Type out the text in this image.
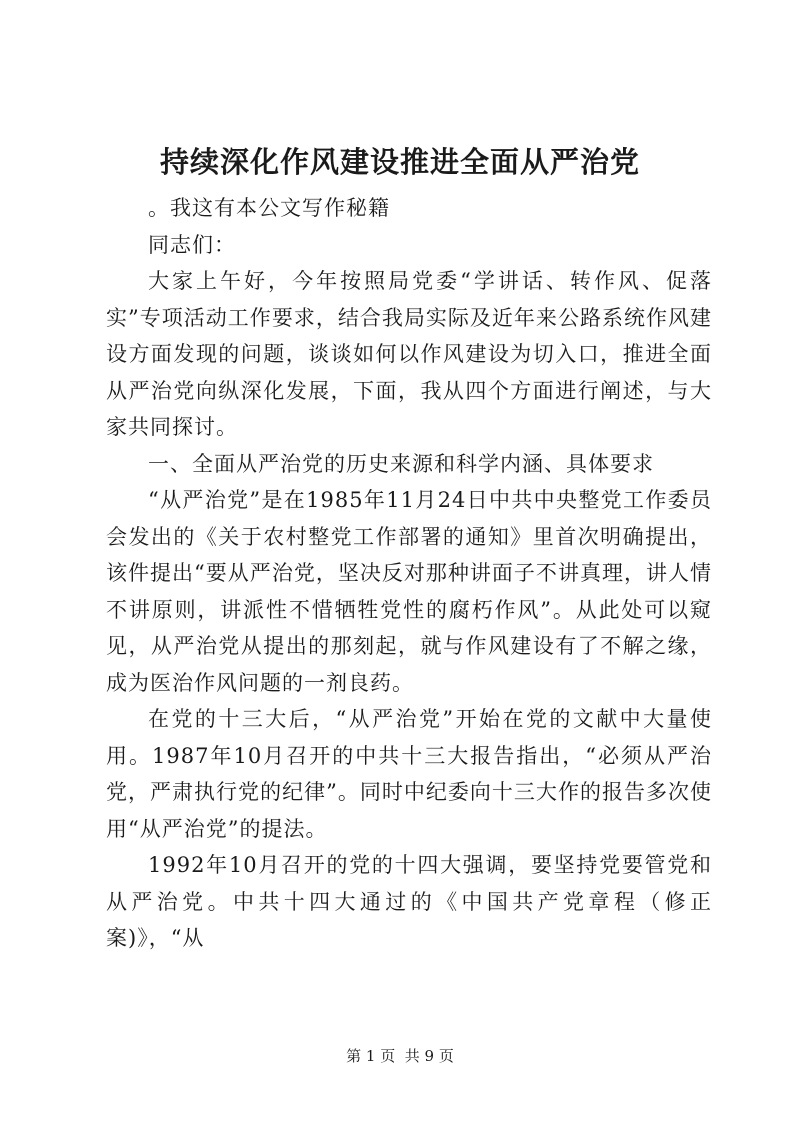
持续深化作风建设推进全面从严治党

。我这有本公文写作秘籍

同志们：

大家上午好，今年按照局党委“学讲话、转作风、促落实”专项活动工作要求，结合我局实际及近年来公路系统作风建设方面发现的问题，谈谈如何以作风建设为切入口，推进全面从严治党向纵深化发展，下面，我从四个方面进行阐述，与大家共同探讨。

一、全面从严治党的历史来源和科学内涵、具体要求

“从严治党”是在1985年11月24日中共中央整党工作委员会发出的《关于农村整党工作部署的通知》里首次明确提出，该件提出“要从严治党，坚决反对那种讲面子不讲真理，讲人情不讲原则，讲派性不惜牺牲党性的腐朽作风”。从此处可以窥见，从严治党从提出的那刻起，就与作风建设有了不解之缘，成为医治作风问题的一剂良药。

在党的十三大后，“从严治党”开始在党的文献中大量使用。1987年10月召开的中共十三大报告指出，“必须从严治党，严肃执行党的纪律”。同时中纪委向十三大作的报告多次使用“从严治党”的提法。

1992年10月召开的党的十四大强调，要坚持党要管党和从严治党。中共十四大通过的《中国共产党章程（修正案)》，“从

第 1 页 共 9 页
